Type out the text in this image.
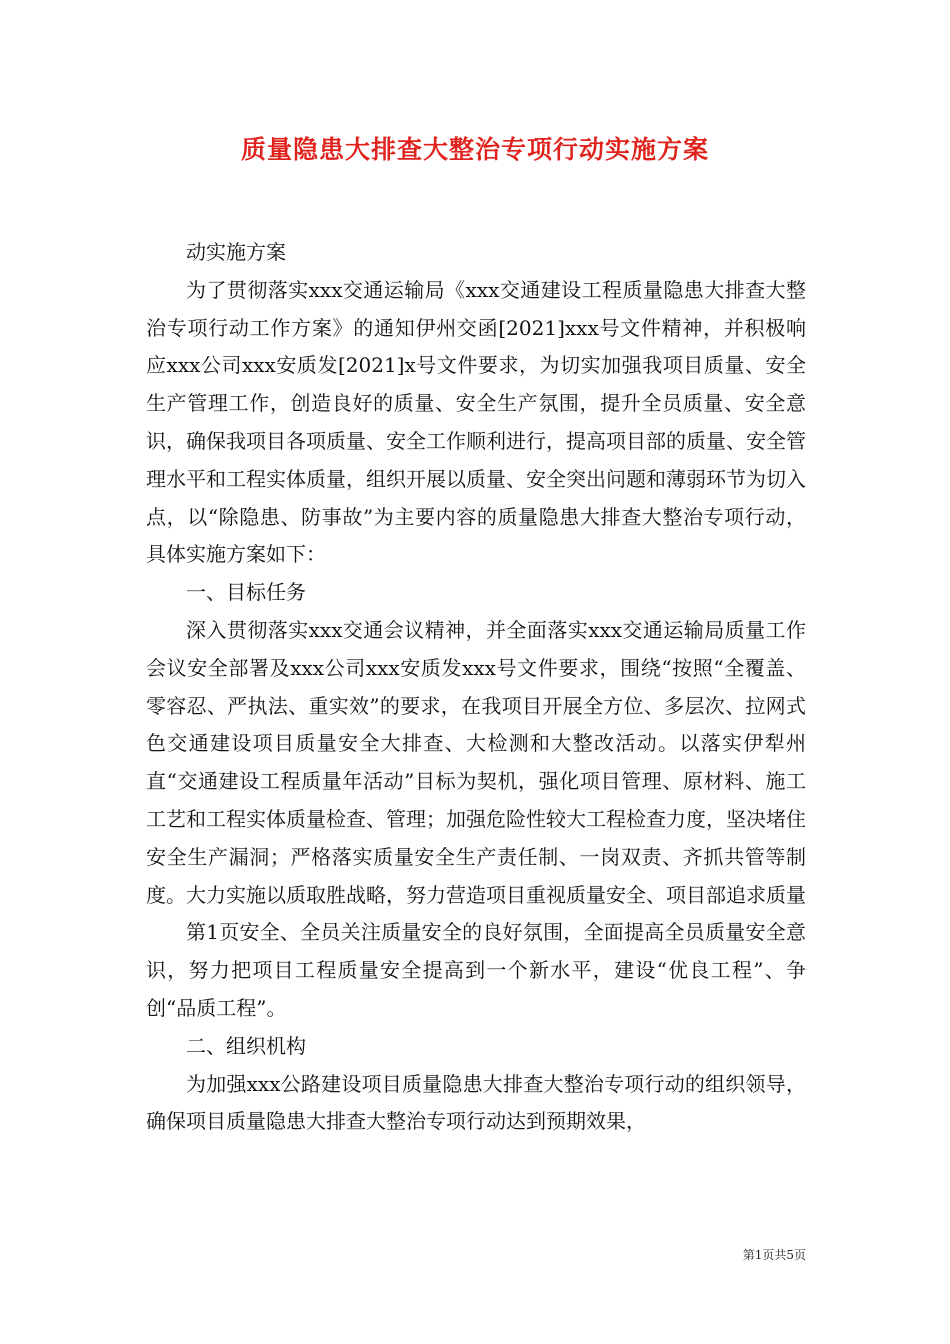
质量隐患大排查大整治专项行动实施方案

动实施方案

为了贯彻落实xxx交通运输局《xxx交通建设工程质量隐患大排查大整治专项行动工作方案》的通知伊州交函[2021]xxx号文件精神，并积极响应xxx公司xxx安质发[2021]x号文件要求，为切实加强我项目质量、安全生产管理工作，创造良好的质量、安全生产氛围，提升全员质量、安全意识，确保我项目各项质量、安全工作顺利进行，提高项目部的质量、安全管理水平和工程实体质量，组织开展以质量、安全突出问题和薄弱环节为切入点，以“除隐患、防事故”为主要内容的质量隐患大排查大整治专项行动，具体实施方案如下：

一、目标任务

深入贯彻落实xxx交通会议精神，并全面落实xxx交通运输局质量工作会议安全部署及xxx公司xxx安质发xxx号文件要求，围绕“按照“全覆盖、零容忍、严执法、重实效”的要求，在我项目开展全方位、多层次、拉网式色交通建设项目质量安全大排查、大检测和大整改活动。以落实伊犁州直“交通建设工程质量年活动”目标为契机，强化项目管理、原材料、施工工艺和工程实体质量检查、管理；加强危险性较大工程检查力度，坚决堵住安全生产漏洞；严格落实质量安全生产责任制、一岗双责、齐抓共管等制度。大力实施以质取胜战略，努力营造项目重视质量安全、项目部追求质量

第1页安全、全员关注质量安全的良好氛围，全面提高全员质量安全意识，努力把项目工程质量安全提高到一个新水平，建设“优良工程”、争创“品质工程”。

二、组织机构

为加强xxx公路建设项目质量隐患大排查大整治专项行动的组织领导，确保项目质量隐患大排查大整治专项行动达到预期效果，

第1页共5页
